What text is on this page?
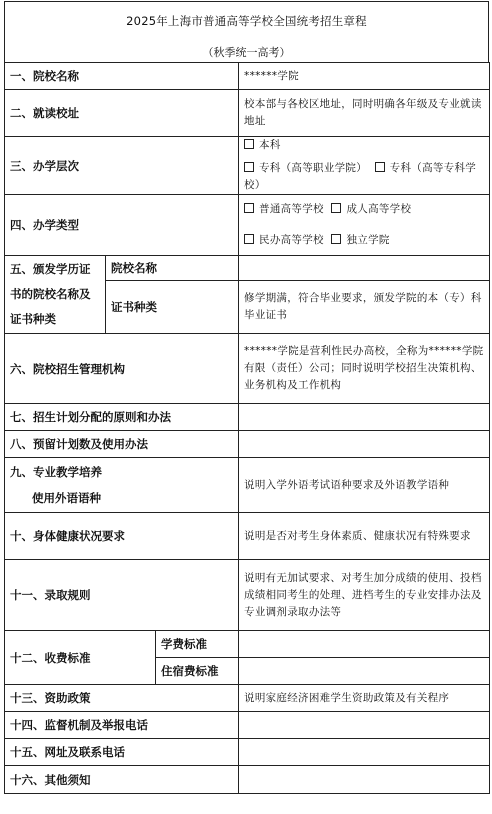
2025年上海市普通高等学校全国统考招生章程
（秋季统一高考）
一、院校名称			******学院
二、就读校址			校本部与各校区地址，同时明确各年级及专业就读地址
三、办学层次			本科
专科（高等职业学院） 专科（高等专科学校）

四、办学类型			普通高等学校 成人高等学校
民办高等学校 独立学院

五、颁发学历证书的院校名称及证书种类	院校名称		
	证书种类		修学期满，符合毕业要求，颁发学院的本（专）科毕业证书
六、院校招生管理机构			******学院是营利性民办高校，全称为******学院有限（责任）公司；同时说明学校招生决策机构、业务机构及工作机构
七、招生计划分配的原则和办法			
八、预留计划数及使用办法			

九、专业教学培养
使用外语语种			说明入学外语考试语种要求及外语教学语种
十、身体健康状况要求			说明是否对考生身体素质、健康状况有特殊要求
十一、录取规则			说明有无加试要求、对考生加分成绩的使用、投档成绩相同考生的处理、进档考生的专业安排办法及专业调剂录取办法等
十二、收费标准		学费标准	
		住宿费标准	
十三、资助政策			说明家庭经济困难学生资助政策及有关程序
十四、监督机制及举报电话			
十五、网址及联系电话			
十六、其他须知			
